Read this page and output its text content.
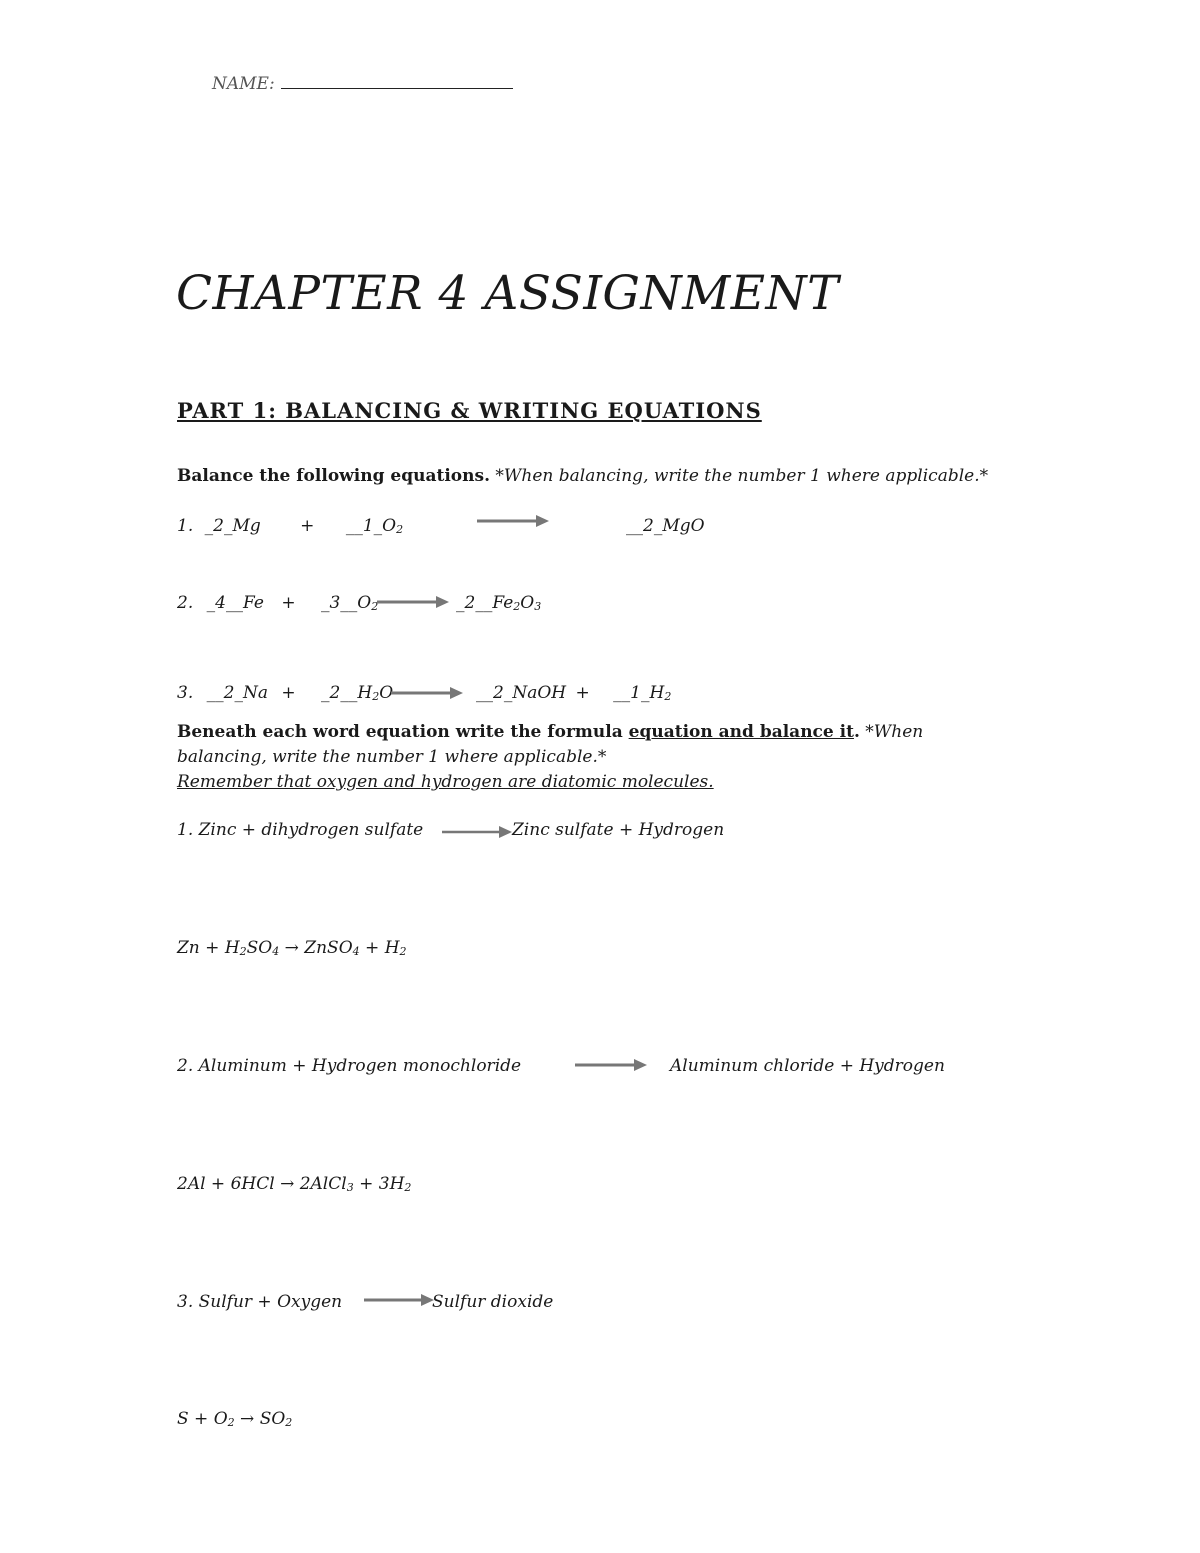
NAME:
CHAPTER 4 ASSIGNMENT
PART 1: BALANCING & WRITING EQUATIONS
Balance the following equations. *When balancing, write the number 1 where applicable.*
1. _2_Mg + $\_\_1\_O_2$	__2_MgO
2. _4__Fe + $\_3\_\_O_2$	$\_2\_\_Fe_2O_3$
3. __2_Na + $\_2\_\_H_2O$	__2_NaOH + $\_\_1\_H_2$
Beneath each word equation write the formula equation and balance it. *When
balancing, write the number 1 where applicable.*
Remember that oxygen and hydrogen are diatomic molecules.
1. Zinc + dihydrogen sulfate	Zinc sulfate + Hydrogen
$Zn + H_2SO_4$ → ZnSO$_4$ + $H_2$
2. Aluminum + Hydrogen monochloride	Aluminum chloride + Hydrogen
2Al + 6HCl → 2AlCl$_3$ + $3H_2$
3. Sulfur + Oxygen	Sulfur dioxide
$S + O_2 \to SO_2$
